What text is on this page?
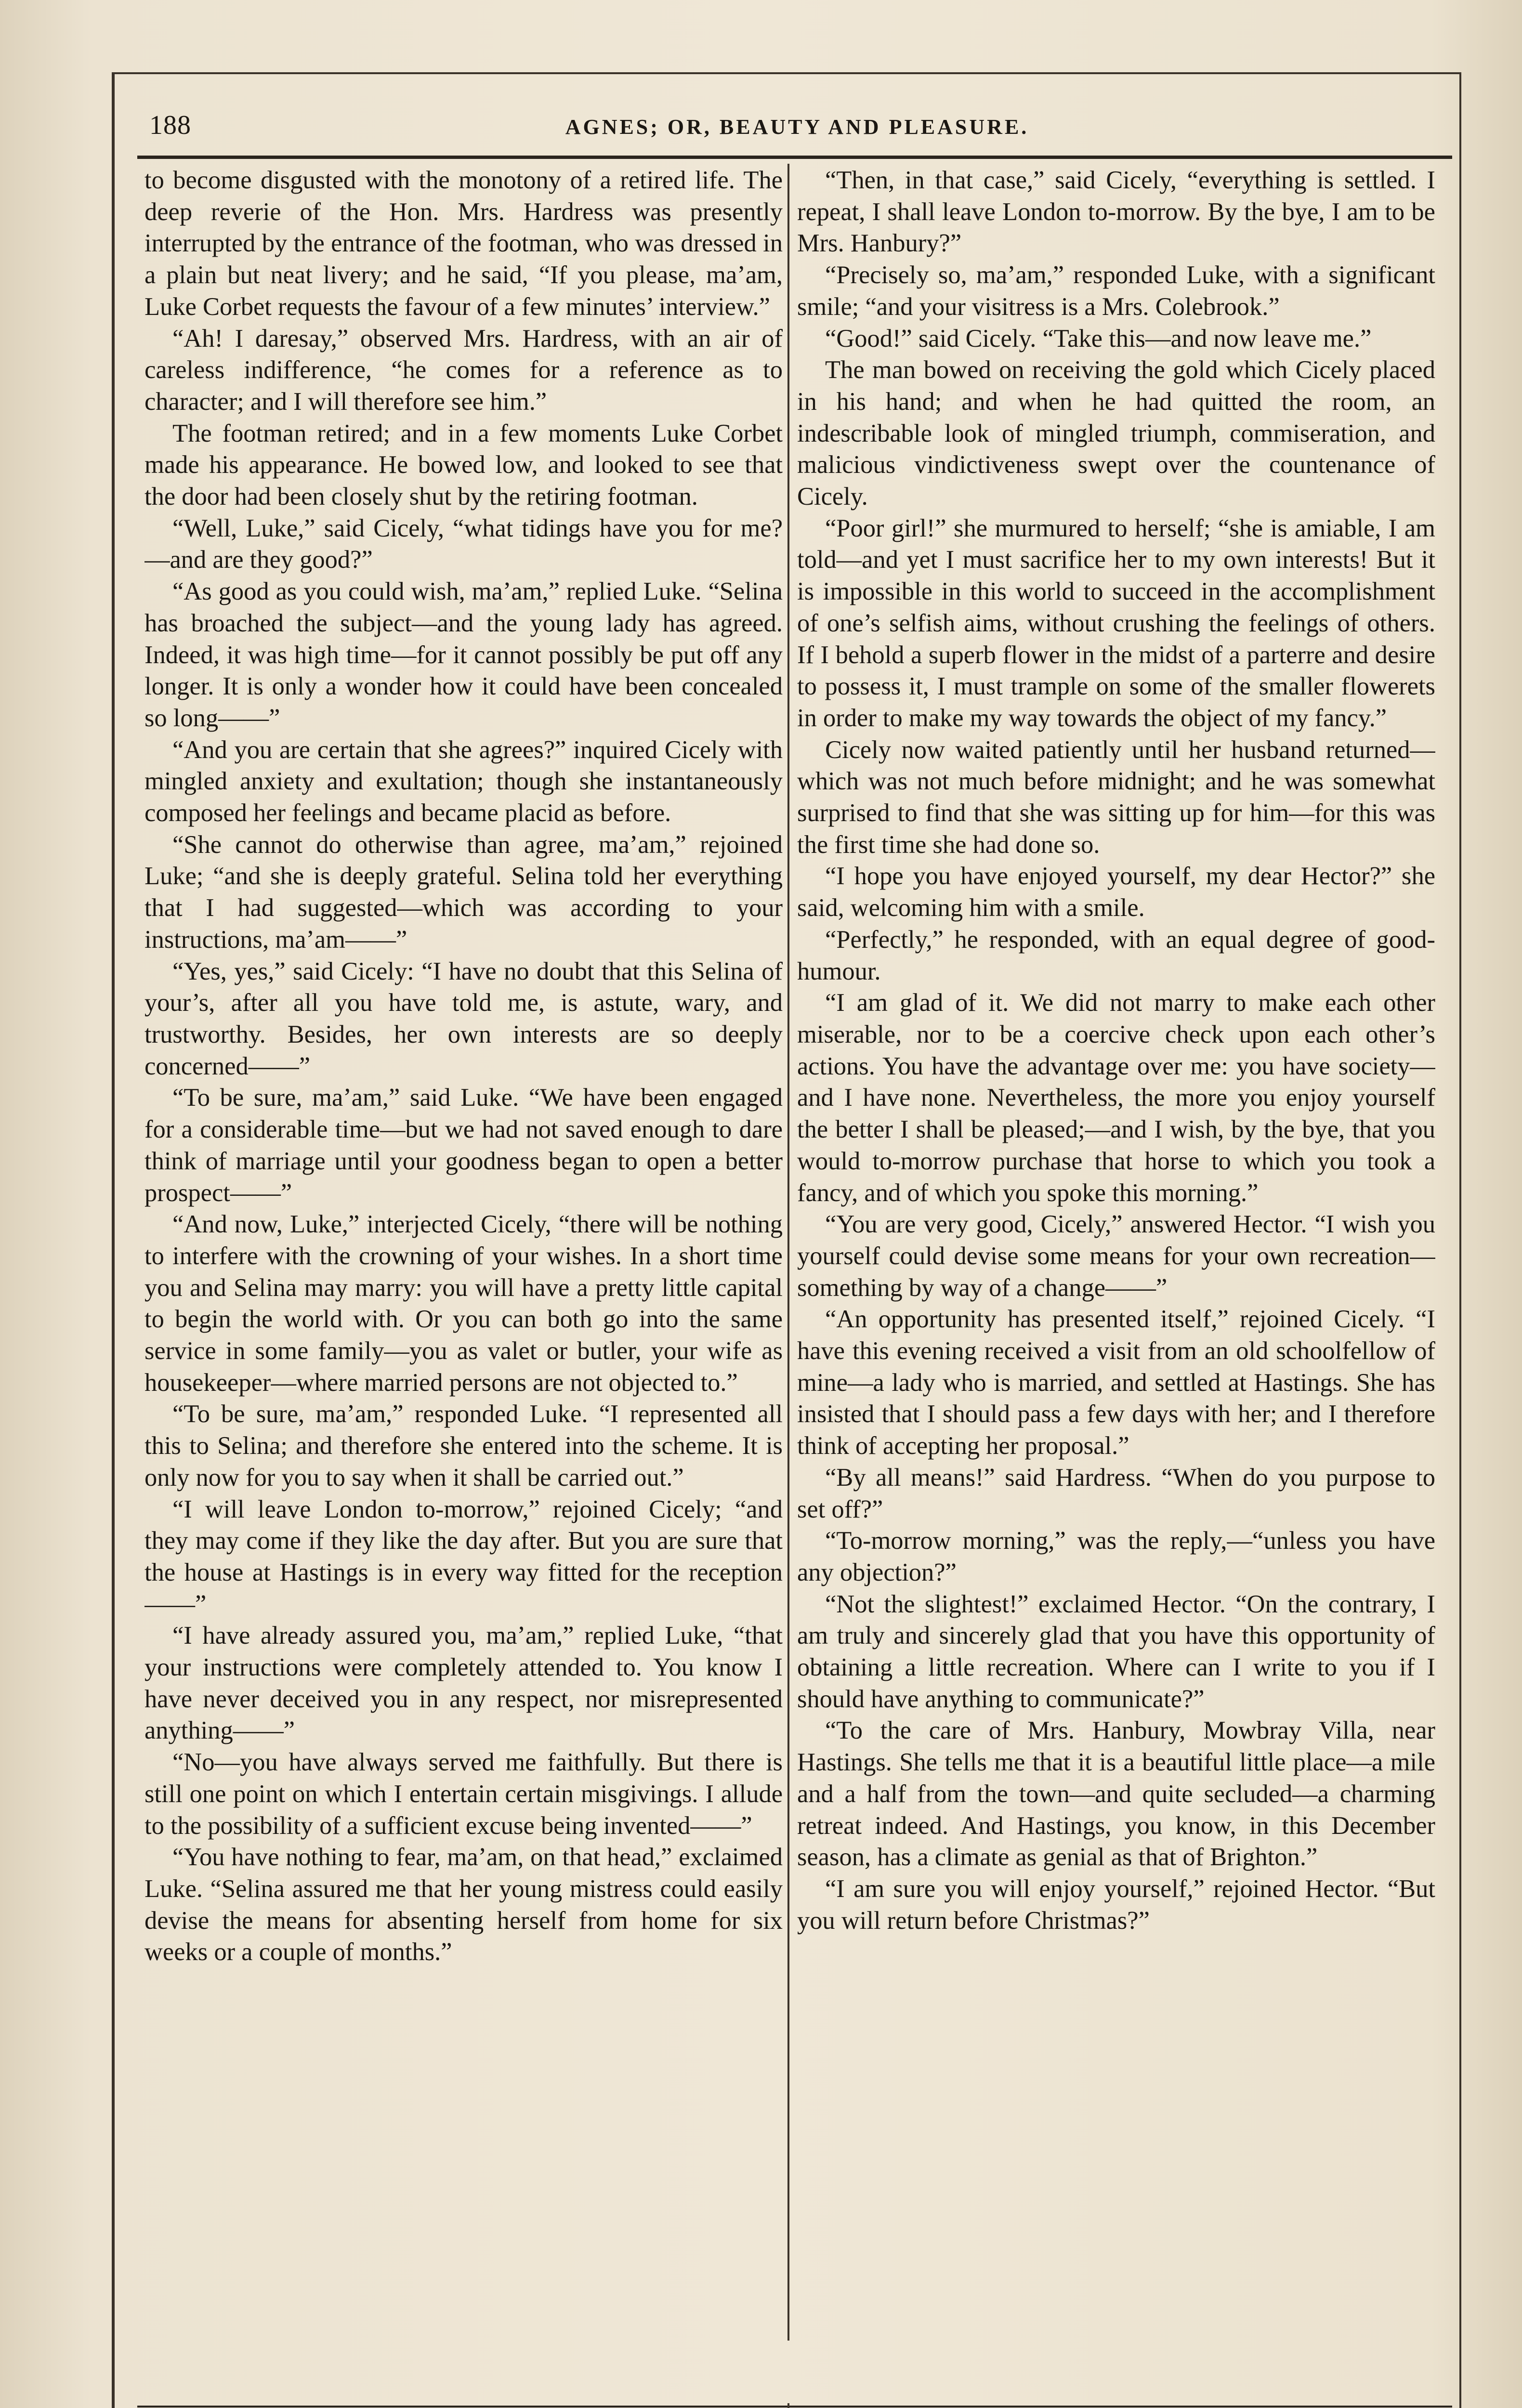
188	AGNES; OR, BEAUTY AND PLEASURE.

to become disgusted with the monotony of a retired life. The deep reverie of the Hon. Mrs. Hardress was presently interrupted by the entrance of the footman, who was dressed in a plain but neat livery; and he said, “If you please, ma’am, Luke Corbet requests the favour of a few minutes’ interview.”

“Ah! I daresay,” observed Mrs. Hardress, with an air of careless indifference, “he comes for a reference as to character; and I will therefore see him.”

The footman retired; and in a few moments Luke Corbet made his appearance. He bowed low, and looked to see that the door had been closely shut by the retiring footman.

“Well, Luke,” said Cicely, “what tidings have you for me?—and are they good?”

“As good as you could wish, ma’am,” replied Luke. “Selina has broached the subject—and the young lady has agreed. Indeed, it was high time—for it cannot possibly be put off any longer. It is only a wonder how it could have been concealed so long——”

“And you are certain that she agrees?” inquired Cicely with mingled anxiety and exultation; though she instantaneously composed her feelings and became placid as before.

“She cannot do otherwise than agree, ma’am,” rejoined Luke; “and she is deeply grateful. Selina told her everything that I had suggested—which was according to your instructions, ma’am——”

“Yes, yes,” said Cicely: “I have no doubt that this Selina of your’s, after all you have told me, is astute, wary, and trustworthy. Besides, her own interests are so deeply concerned——”

“To be sure, ma’am,” said Luke. “We have been engaged for a considerable time—but we had not saved enough to dare think of marriage until your goodness began to open a better prospect——”

“And now, Luke,” interjected Cicely, “there will be nothing to interfere with the crowning of your wishes. In a short time you and Selina may marry: you will have a pretty little capital to begin the world with. Or you can both go into the same service in some family—you as valet or butler, your wife as housekeeper—where married persons are not objected to.”

“To be sure, ma’am,” responded Luke. “I represented all this to Selina; and therefore she entered into the scheme. It is only now for you to say when it shall be carried out.”

“I will leave London to-morrow,” rejoined Cicely; “and they may come if they like the day after. But you are sure that the house at Hastings is in every way fitted for the reception——”

“I have already assured you, ma’am,” replied Luke, “that your instructions were completely attended to. You know I have never deceived you in any respect, nor misrepresented anything——”

“No—you have always served me faithfully. But there is still one point on which I entertain certain misgivings. I allude to the possibility of a sufficient excuse being invented——”

“You have nothing to fear, ma’am, on that head,” exclaimed Luke. “Selina assured me that her young mistress could easily devise the means for absenting herself from home for six weeks or a couple of months.”

“Then, in that case,” said Cicely, “everything is settled. I repeat, I shall leave London to-morrow. By the bye, I am to be Mrs. Hanbury?”

“Precisely so, ma’am,” responded Luke, with a significant smile; “and your visitress is a Mrs. Colebrook.”

“Good!” said Cicely. “Take this—and now leave me.”

The man bowed on receiving the gold which Cicely placed in his hand; and when he had quitted the room, an indescribable look of mingled triumph, commiseration, and malicious vindictiveness swept over the countenance of Cicely.

“Poor girl!” she murmured to herself; “she is amiable, I am told—and yet I must sacrifice her to my own interests! But it is impossible in this world to succeed in the accomplishment of one’s selfish aims, without crushing the feelings of others. If I behold a superb flower in the midst of a parterre and desire to possess it, I must trample on some of the smaller flowerets in order to make my way towards the object of my fancy.”

Cicely now waited patiently until her husband returned—which was not much before midnight; and he was somewhat surprised to find that she was sitting up for him—for this was the first time she had done so.

“I hope you have enjoyed yourself, my dear Hector?” she said, welcoming him with a smile.

“Perfectly,” he responded, with an equal degree of good-humour.

“I am glad of it. We did not marry to make each other miserable, nor to be a coercive check upon each other’s actions. You have the advantage over me: you have society—and I have none. Nevertheless, the more you enjoy yourself the better I shall be pleased;—and I wish, by the bye, that you would to-morrow purchase that horse to which you took a fancy, and of which you spoke this morning.”

“You are very good, Cicely,” answered Hector. “I wish you yourself could devise some means for your own recreation—something by way of a change——”

“An opportunity has presented itself,” rejoined Cicely. “I have this evening received a visit from an old schoolfellow of mine—a lady who is married, and settled at Hastings. She has insisted that I should pass a few days with her; and I therefore think of accepting her proposal.”

“By all means!” said Hardress. “When do you purpose to set off?”

“To-morrow morning,” was the reply,—“unless you have any objection?”

“Not the slightest!” exclaimed Hector. “On the contrary, I am truly and sincerely glad that you have this opportunity of obtaining a little recreation. Where can I write to you if I should have anything to communicate?”

“To the care of Mrs. Hanbury, Mowbray Villa, near Hastings. She tells me that it is a beautiful little place—a mile and a half from the town—and quite secluded—a charming retreat indeed. And Hastings, you know, in this December season, has a climate as genial as that of Brighton.”

“I am sure you will enjoy yourself,” rejoined Hector. “But you will return before Christmas?”
